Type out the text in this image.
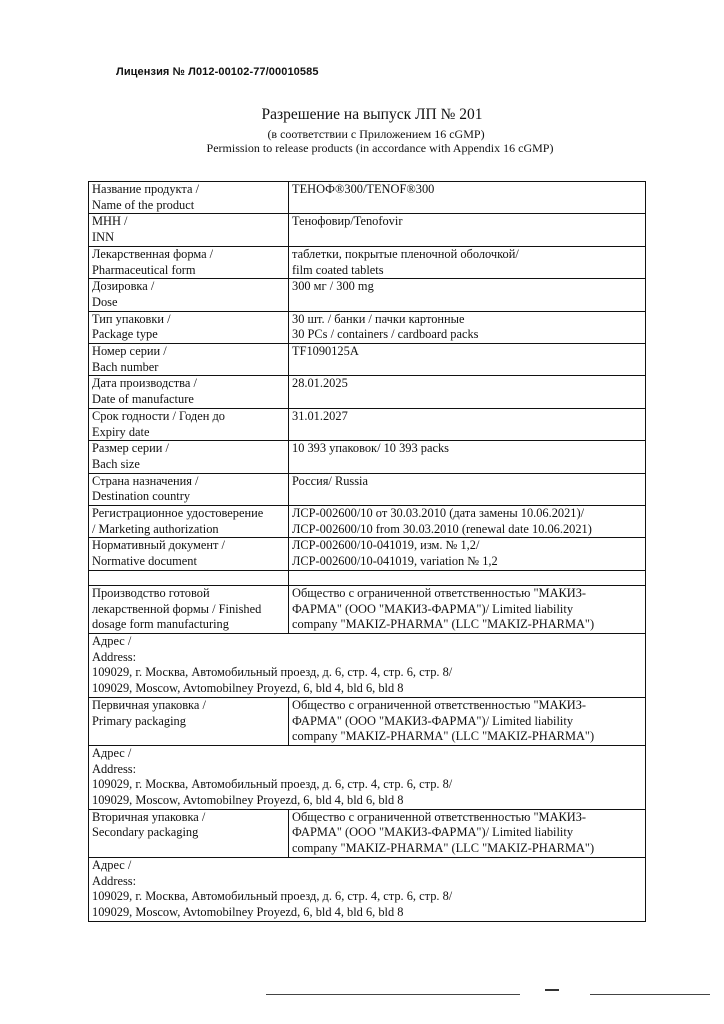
Лицензия № Л012-00102-77/00010585
Разрешение на выпуск ЛП № 201
(в соответствии с Приложением 16 cGMP)
Permission to release products (in accordance with Appendix 16 cGMP)
Название продукта /
Name of the product	ТЕНОФ®300/TENOF®300

МНН /
INN	Тенофовир/Tenofovir

Лекарственная форма /
Pharmaceutical form	таблетки, покрытые пленочной оболочкой/
film coated tablets

Дозировка /
Dose	300 мг / 300 mg

Тип упаковки /
Package type	30 шт. / банки / пачки картонные
30 PCs / containers / cardboard packs

Номер серии /
Bach number	TF1090125A

Дата производства /
Date of manufacture	28.01.2025

Срок годности / Годен до
Expiry date	31.01.2027

Размер серии /
Bach size	10 393 упаковок/ 10 393 packs

Страна назначения /
Destination country	Россия/ Russia

Регистрационное удостоверение
/ Marketing authorization	ЛСР-002600/10 от 30.03.2010 (дата замены 10.06.2021)/
ЛСР-002600/10 from 30.03.2010 (renewal date 10.06.2021)

Нормативный документ /
Normative document	ЛСР-002600/10-041019, изм. № 1,2/
ЛСР-002600/10-041019, variation № 1,2

Производство готовой
лекарственной формы / Finished
dosage form manufacturing	Общество с ограниченной ответственностью "МАКИЗ-
ФАРМА" (ООО "МАКИЗ-ФАРМА")/ Limited liability
company "MAKIZ-PHARMA" (LLC "MAKIZ-PHARMA")

Адрес /
Address:
109029, г. Москва, Автомобильный проезд, д. 6, стр. 4, стр. 6, стр. 8/
109029, Moscow, Avtomobilney Proyezd, 6, bld 4, bld 6, bld 8	

Первичная упаковка /
Primary packaging	Общество с ограниченной ответственностью "МАКИЗ-
ФАРМА" (ООО "МАКИЗ-ФАРМА")/ Limited liability
company "MAKIZ-PHARMA" (LLC "MAKIZ-PHARMA")

Адрес /
Address:
109029, г. Москва, Автомобильный проезд, д. 6, стр. 4, стр. 6, стр. 8/
109029, Moscow, Avtomobilney Proyezd, 6, bld 4, bld 6, bld 8	

Вторичная упаковка /
Secondary packaging	Общество с ограниченной ответственностью "МАКИЗ-
ФАРМА" (ООО "МАКИЗ-ФАРМА")/ Limited liability
company "MAKIZ-PHARMA" (LLC "MAKIZ-PHARMA")

Адрес /
Address:
109029, г. Москва, Автомобильный проезд, д. 6, стр. 4, стр. 6, стр. 8/
109029, Moscow, Avtomobilney Proyezd, 6, bld 4, bld 6, bld 8	
